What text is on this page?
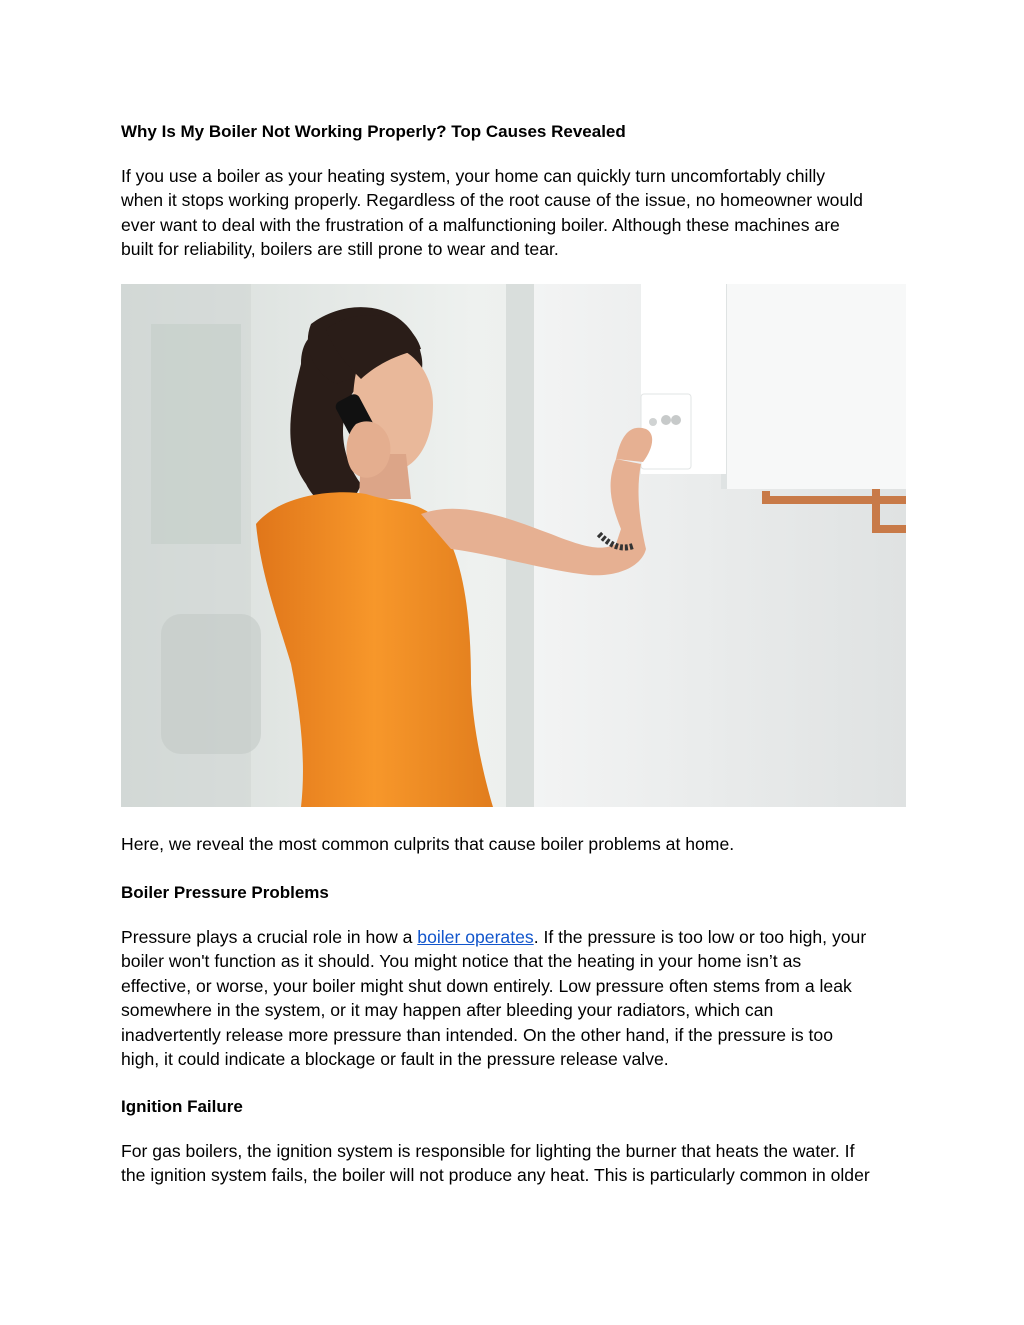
Why Is My Boiler Not Working Properly? Top Causes Revealed

If you use a boiler as your heating system, your home can quickly turn uncomfortably chilly
when it stops working properly. Regardless of the root cause of the issue, no homeowner would
ever want to deal with the frustration of a malfunctioning boiler. Although these machines are
built for reliability, boilers are still prone to wear and tear.

Here, we reveal the most common culprits that cause boiler problems at home.

Boiler Pressure Problems

Pressure plays a crucial role in how a boiler operates. If the pressure is too low or too high, your
boiler won't function as it should. You might notice that the heating in your home isn’t as
effective, or worse, your boiler might shut down entirely. Low pressure often stems from a leak
somewhere in the system, or it may happen after bleeding your radiators, which can
inadvertently release more pressure than intended. On the other hand, if the pressure is too
high, it could indicate a blockage or fault in the pressure release valve.

Ignition Failure

For gas boilers, the ignition system is responsible for lighting the burner that heats the water. If
the ignition system fails, the boiler will not produce any heat. This is particularly common in older
